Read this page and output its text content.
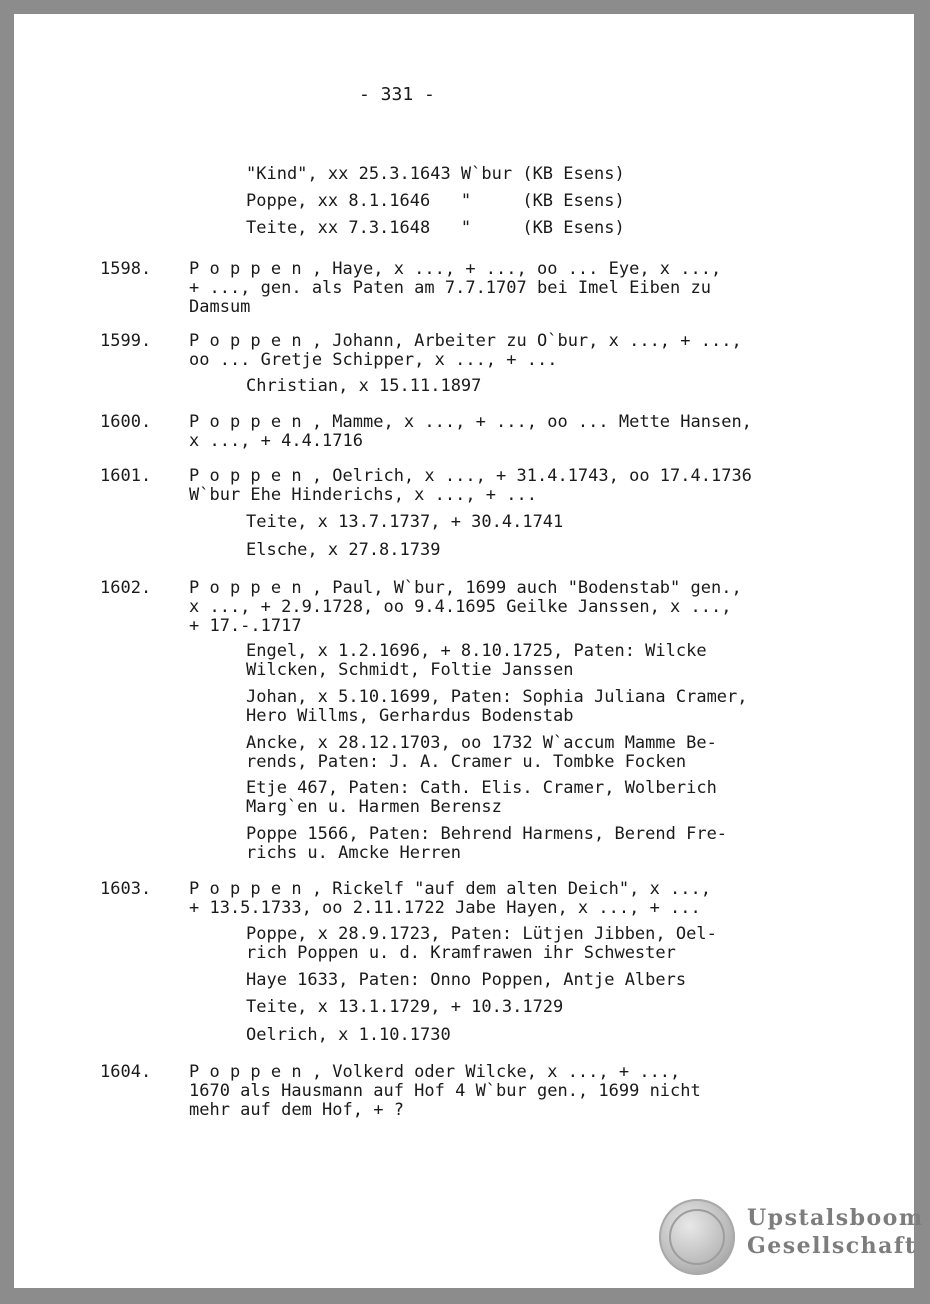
- 331 -
"Kind", xx 25.3.1643 W`bur (KB Esens)
Poppe, xx 8.1.1646   "     (KB Esens)
Teite, xx 7.3.1648   "     (KB Esens)
1598. P o p p e n , Haye, x ..., + ..., oo ... Eye, x ...,
+ ..., gen. als Paten am 7.7.1707 bei Imel Eiben zu
Damsum
1599. P o p p e n , Johann, Arbeiter zu O`bur, x ..., + ...,
oo ... Gretje Schipper, x ..., + ...
Christian, x 15.11.1897
1600. P o p p e n , Mamme, x ..., + ..., oo ... Mette Hansen,
x ..., + 4.4.1716
1601. P o p p e n , Oelrich, x ..., + 31.4.1743, oo 17.4.1736
W`bur Ehe Hinderichs, x ..., + ...
Teite, x 13.7.1737, + 30.4.1741
Elsche, x 27.8.1739
1602. P o p p e n , Paul, W`bur, 1699 auch "Bodenstab" gen.,
x ..., + 2.9.1728, oo 9.4.1695 Geilke Janssen, x ...,
+ 17.-.1717
Engel, x 1.2.1696, + 8.10.1725, Paten: Wilcke
Wilcken, Schmidt, Foltie Janssen
Johan, x 5.10.1699, Paten: Sophia Juliana Cramer,
Hero Willms, Gerhardus Bodenstab
Ancke, x 28.12.1703, oo 1732 W`accum Mamme Be-
rends, Paten: J. A. Cramer u. Tombke Focken
Etje 467, Paten: Cath. Elis. Cramer, Wolberich
Marg`en u. Harmen Berensz
Poppe 1566, Paten: Behrend Harmens, Berend Fre-
richs u. Amcke Herren
1603. P o p p e n , Rickelf "auf dem alten Deich", x ...,
+ 13.5.1733, oo 2.11.1722 Jabe Hayen, x ..., + ...
Poppe, x 28.9.1723, Paten: Lütjen Jibben, Oel-
rich Poppen u. d. Kramfrawen ihr Schwester
Haye 1633, Paten: Onno Poppen, Antje Albers
Teite, x 13.1.1729, + 10.3.1729
Oelrich, x 1.10.1730
1604. P o p p e n , Volkerd oder Wilcke, x ..., + ...,
1670 als Hausmann auf Hof 4 W`bur gen., 1699 nicht
mehr auf dem Hof, + ?
Upstalsboom
Gesellschaft
